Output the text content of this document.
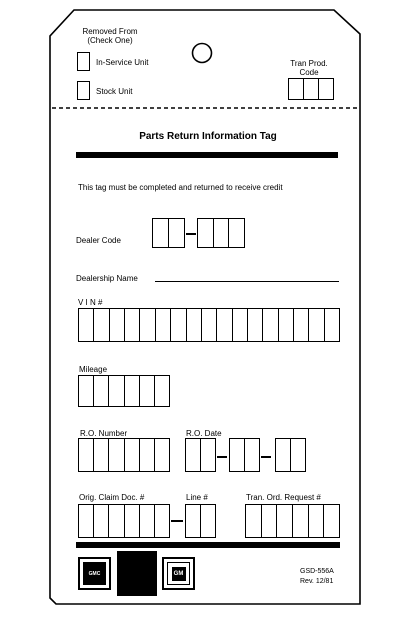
Removed From
(Check One)
In-Service Unit
Stock Unit
Tran Prod.
Code
Parts Return Information Tag
This tag must be completed and returned to receive credit
Dealer Code
Dealership Name
V I N #
Mileage
R.O. Number	R.O. Date
Orig. Claim Doc. #	Line #	Tran. Ord. Request #
GMC	GM	GSD-556A
Rev. 12/81
